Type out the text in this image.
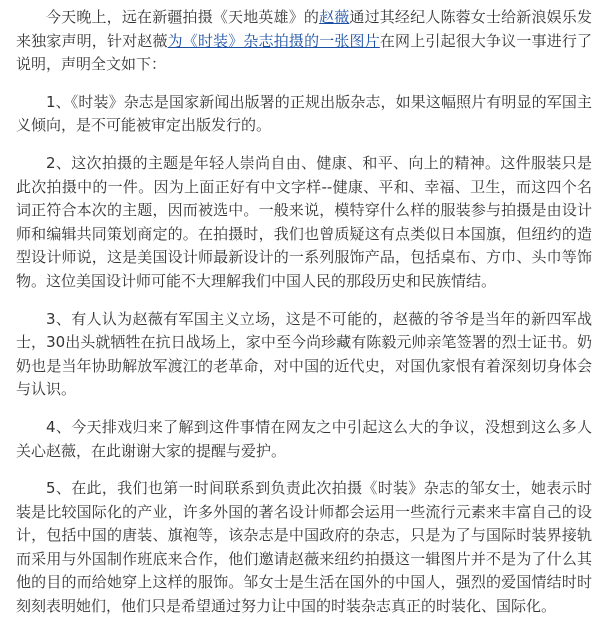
今天晚上，远在新疆拍摄《天地英雄》的赵薇通过其经纪人陈蓉女士给新浪娱乐发来独家声明，针对赵薇为《时装》杂志拍摄的一张图片在网上引起很大争议一事进行了说明，声明全文如下：

1、《时装》杂志是国家新闻出版署的正规出版杂志，如果这幅照片有明显的军国主义倾向，是不可能被审定出版发行的。

2、这次拍摄的主题是年轻人崇尚自由、健康、和平、向上的精神。这件服装只是此次拍摄中的一件。因为上面正好有中文字样--健康、平和、幸福、卫生，而这四个名词正符合本次的主题，因而被选中。一般来说，模特穿什么样的服装参与拍摄是由设计师和编辑共同策划商定的。在拍摄时，我们也曾质疑这有点类似日本国旗，但纽约的造型设计师说，这是美国设计师最新设计的一系列服饰产品，包括桌布、方巾、头巾等饰物。这位美国设计师可能不大理解我们中国人民的那段历史和民族情结。

3、有人认为赵薇有军国主义立场，这是不可能的，赵薇的爷爷是当年的新四军战士，30出头就牺牲在抗日战场上，家中至今尚珍藏有陈毅元帅亲笔签署的烈士证书。奶奶也是当年协助解放军渡江的老革命，对中国的近代史，对国仇家恨有着深刻切身体会与认识。

4、今天排戏归来了解到这件事情在网友之中引起这么大的争议，没想到这么多人关心赵薇，在此谢谢大家的提醒与爱护。

5、在此，我们也第一时间联系到负责此次拍摄《时装》杂志的邹女士，她表示时装是比较国际化的产业，许多外国的著名设计师都会运用一些流行元素来丰富自己的设计，包括中国的唐装、旗袍等，该杂志是中国政府的杂志，只是为了与国际时装界接轨而采用与外国制作班底来合作，他们邀请赵薇来纽约拍摄这一辑图片并不是为了什么其他的目的而给她穿上这样的服饰。邹女士是生活在国外的中国人，强烈的爱国情结时时刻刻表明她们，他们只是希望通过努力让中国的时装杂志真正的时装化、国际化。
